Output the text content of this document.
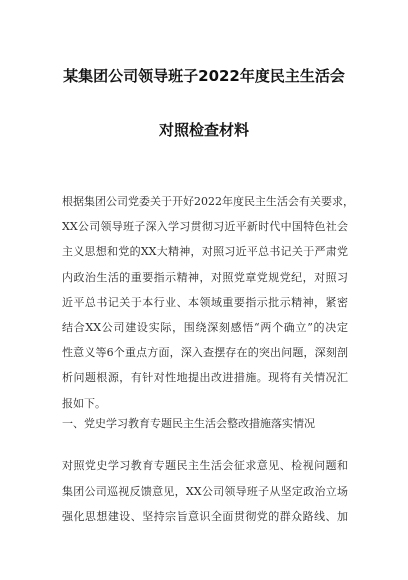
某集团公司领导班子2022年度民主生活会
对照检查材料
根据集团公司党委关于开好2022年度民主生活会有关要求，
XX公司领导班子深入学习贯彻习近平新时代中国特色社会
主义思想和党的XX大精神，对照习近平总书记关于严肃党
内政治生活的重要指示精神，对照党章党规党纪，对照习
近平总书记关于本行业、本领域重要指示批示精神，紧密
结合XX公司建设实际，围绕深刻感悟“两个确立”的决定
性意义等6个重点方面，深入查摆存在的突出问题，深刻剖
析问题根源，有针对性地提出改进措施。现将有关情况汇
报如下。
一、党史学习教育专题民主生活会整改措施落实情况
对照党史学习教育专题民主生活会征求意见、检视问题和
集团公司巡视反馈意见，XX公司领导班子从坚定政治立场
强化思想建设、坚持宗旨意识全面贯彻党的群众路线、加
